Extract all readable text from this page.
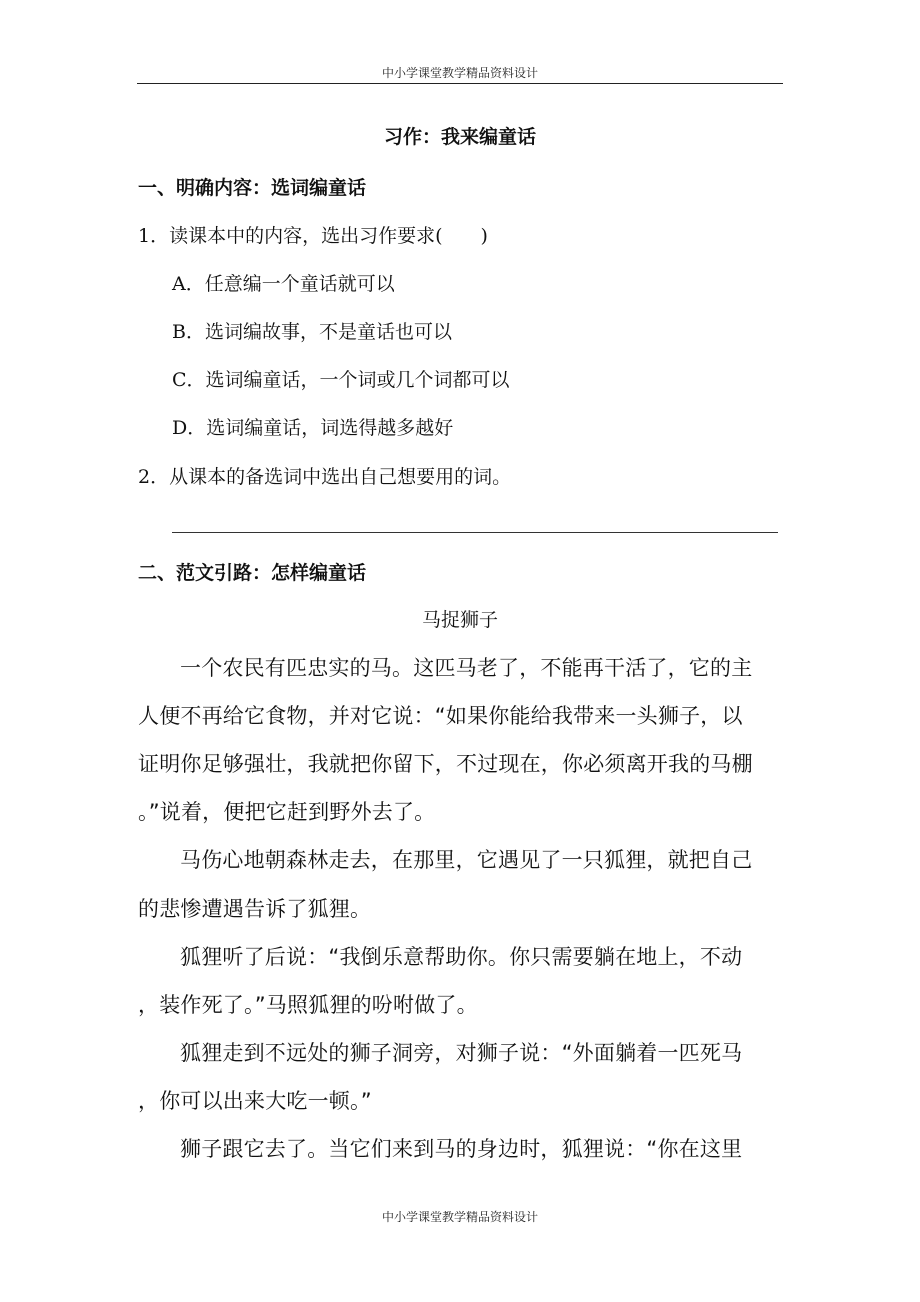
中小学课堂教学精品资料设计
习作：我来编童话
一、明确内容：选词编童话
1．读课本中的内容，选出习作要求(　　)
A．任意编一个童话就可以
B．选词编故事，不是童话也可以
C．选词编童话，一个词或几个词都可以
D．选词编童话，词选得越多越好
2．从课本的备选词中选出自己想要用的词。
二、范文引路：怎样编童话
马捉狮子
一个农民有匹忠实的马。这匹马老了，不能再干活了，它的主
人便不再给它食物，并对它说：“如果你能给我带来一头狮子，以
证明你足够强壮，我就把你留下，不过现在，你必须离开我的马棚
。”说着，便把它赶到野外去了。
马伤心地朝森林走去，在那里，它遇见了一只狐狸，就把自己
的悲惨遭遇告诉了狐狸。
狐狸听了后说：“我倒乐意帮助你。你只需要躺在地上，不动
，装作死了。”马照狐狸的吩咐做了。
狐狸走到不远处的狮子洞旁，对狮子说：“外面躺着一匹死马
，你可以出来大吃一顿。”
狮子跟它去了。当它们来到马的身边时，狐狸说：“你在这里
中小学课堂教学精品资料设计
